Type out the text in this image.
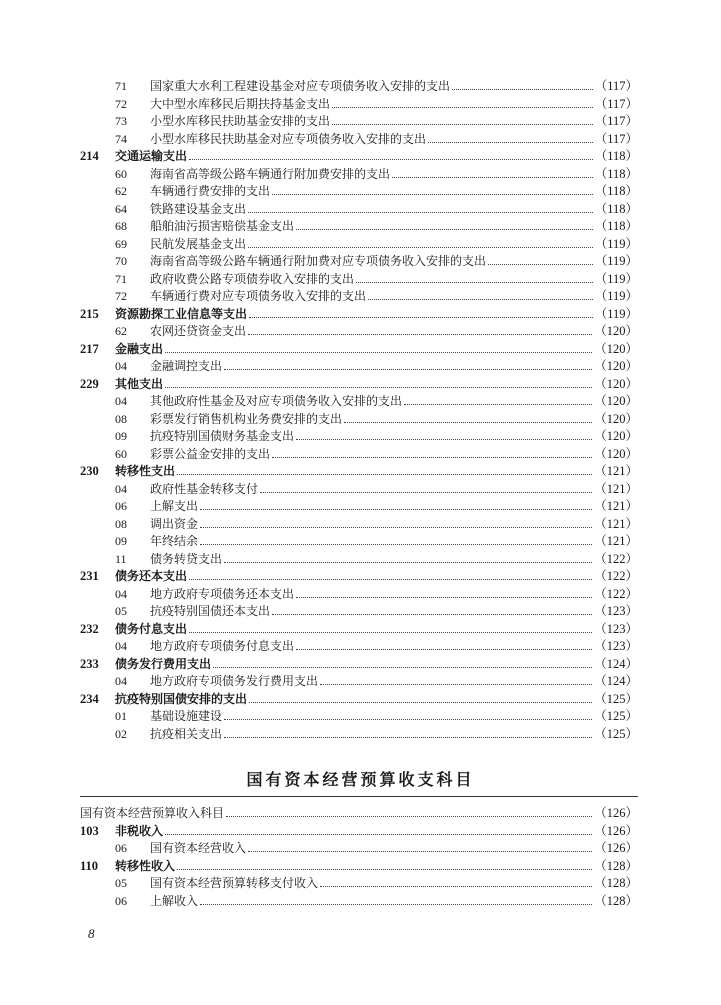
71	国家重大水利工程建设基金对应专项债务收入安排的支出	（117）
72	大中型水库移民后期扶持基金支出	（117）
73	小型水库移民扶助基金安排的支出	（117）
74	小型水库移民扶助基金对应专项债务收入安排的支出	（117）
214	交通运输支出	（118）
60	海南省高等级公路车辆通行附加费安排的支出	（118）
62	车辆通行费安排的支出	（118）
64	铁路建设基金支出	（118）
68	船舶油污损害赔偿基金支出	（118）
69	民航发展基金支出	（119）
70	海南省高等级公路车辆通行附加费对应专项债务收入安排的支出	（119）
71	政府收费公路专项债券收入安排的支出	（119）
72	车辆通行费对应专项债务收入安排的支出	（119）
215	资源勘探工业信息等支出	（119）
62	农网还贷资金支出	（120）
217	金融支出	（120）
04	金融调控支出	（120）
229	其他支出	（120）
04	其他政府性基金及对应专项债务收入安排的支出	（120）
08	彩票发行销售机构业务费安排的支出	（120）
09	抗疫特别国债财务基金支出	（120）
60	彩票公益金安排的支出	（120）
230	转移性支出	（121）
04	政府性基金转移支付	（121）
06	上解支出	（121）
08	调出资金	（121）
09	年终结余	（121）
11	债务转贷支出	（122）
231	债务还本支出	（122）
04	地方政府专项债务还本支出	（122）
05	抗疫特别国债还本支出	（123）
232	债务付息支出	（123）
04	地方政府专项债务付息支出	（123）
233	债务发行费用支出	（124）
04	地方政府专项债务发行费用支出	（124）
234	抗疫特别国债安排的支出	（125）
01	基础设施建设	（125）
02	抗疫相关支出	（125）
国有资本经营预算收支科目
国有资本经营预算收入科目	（126）
103	非税收入	（126）
06	国有资本经营收入	（126）
110	转移性收入	（128）
05	国有资本经营预算转移支付收入	（128）
06	上解收入	（128）
8
